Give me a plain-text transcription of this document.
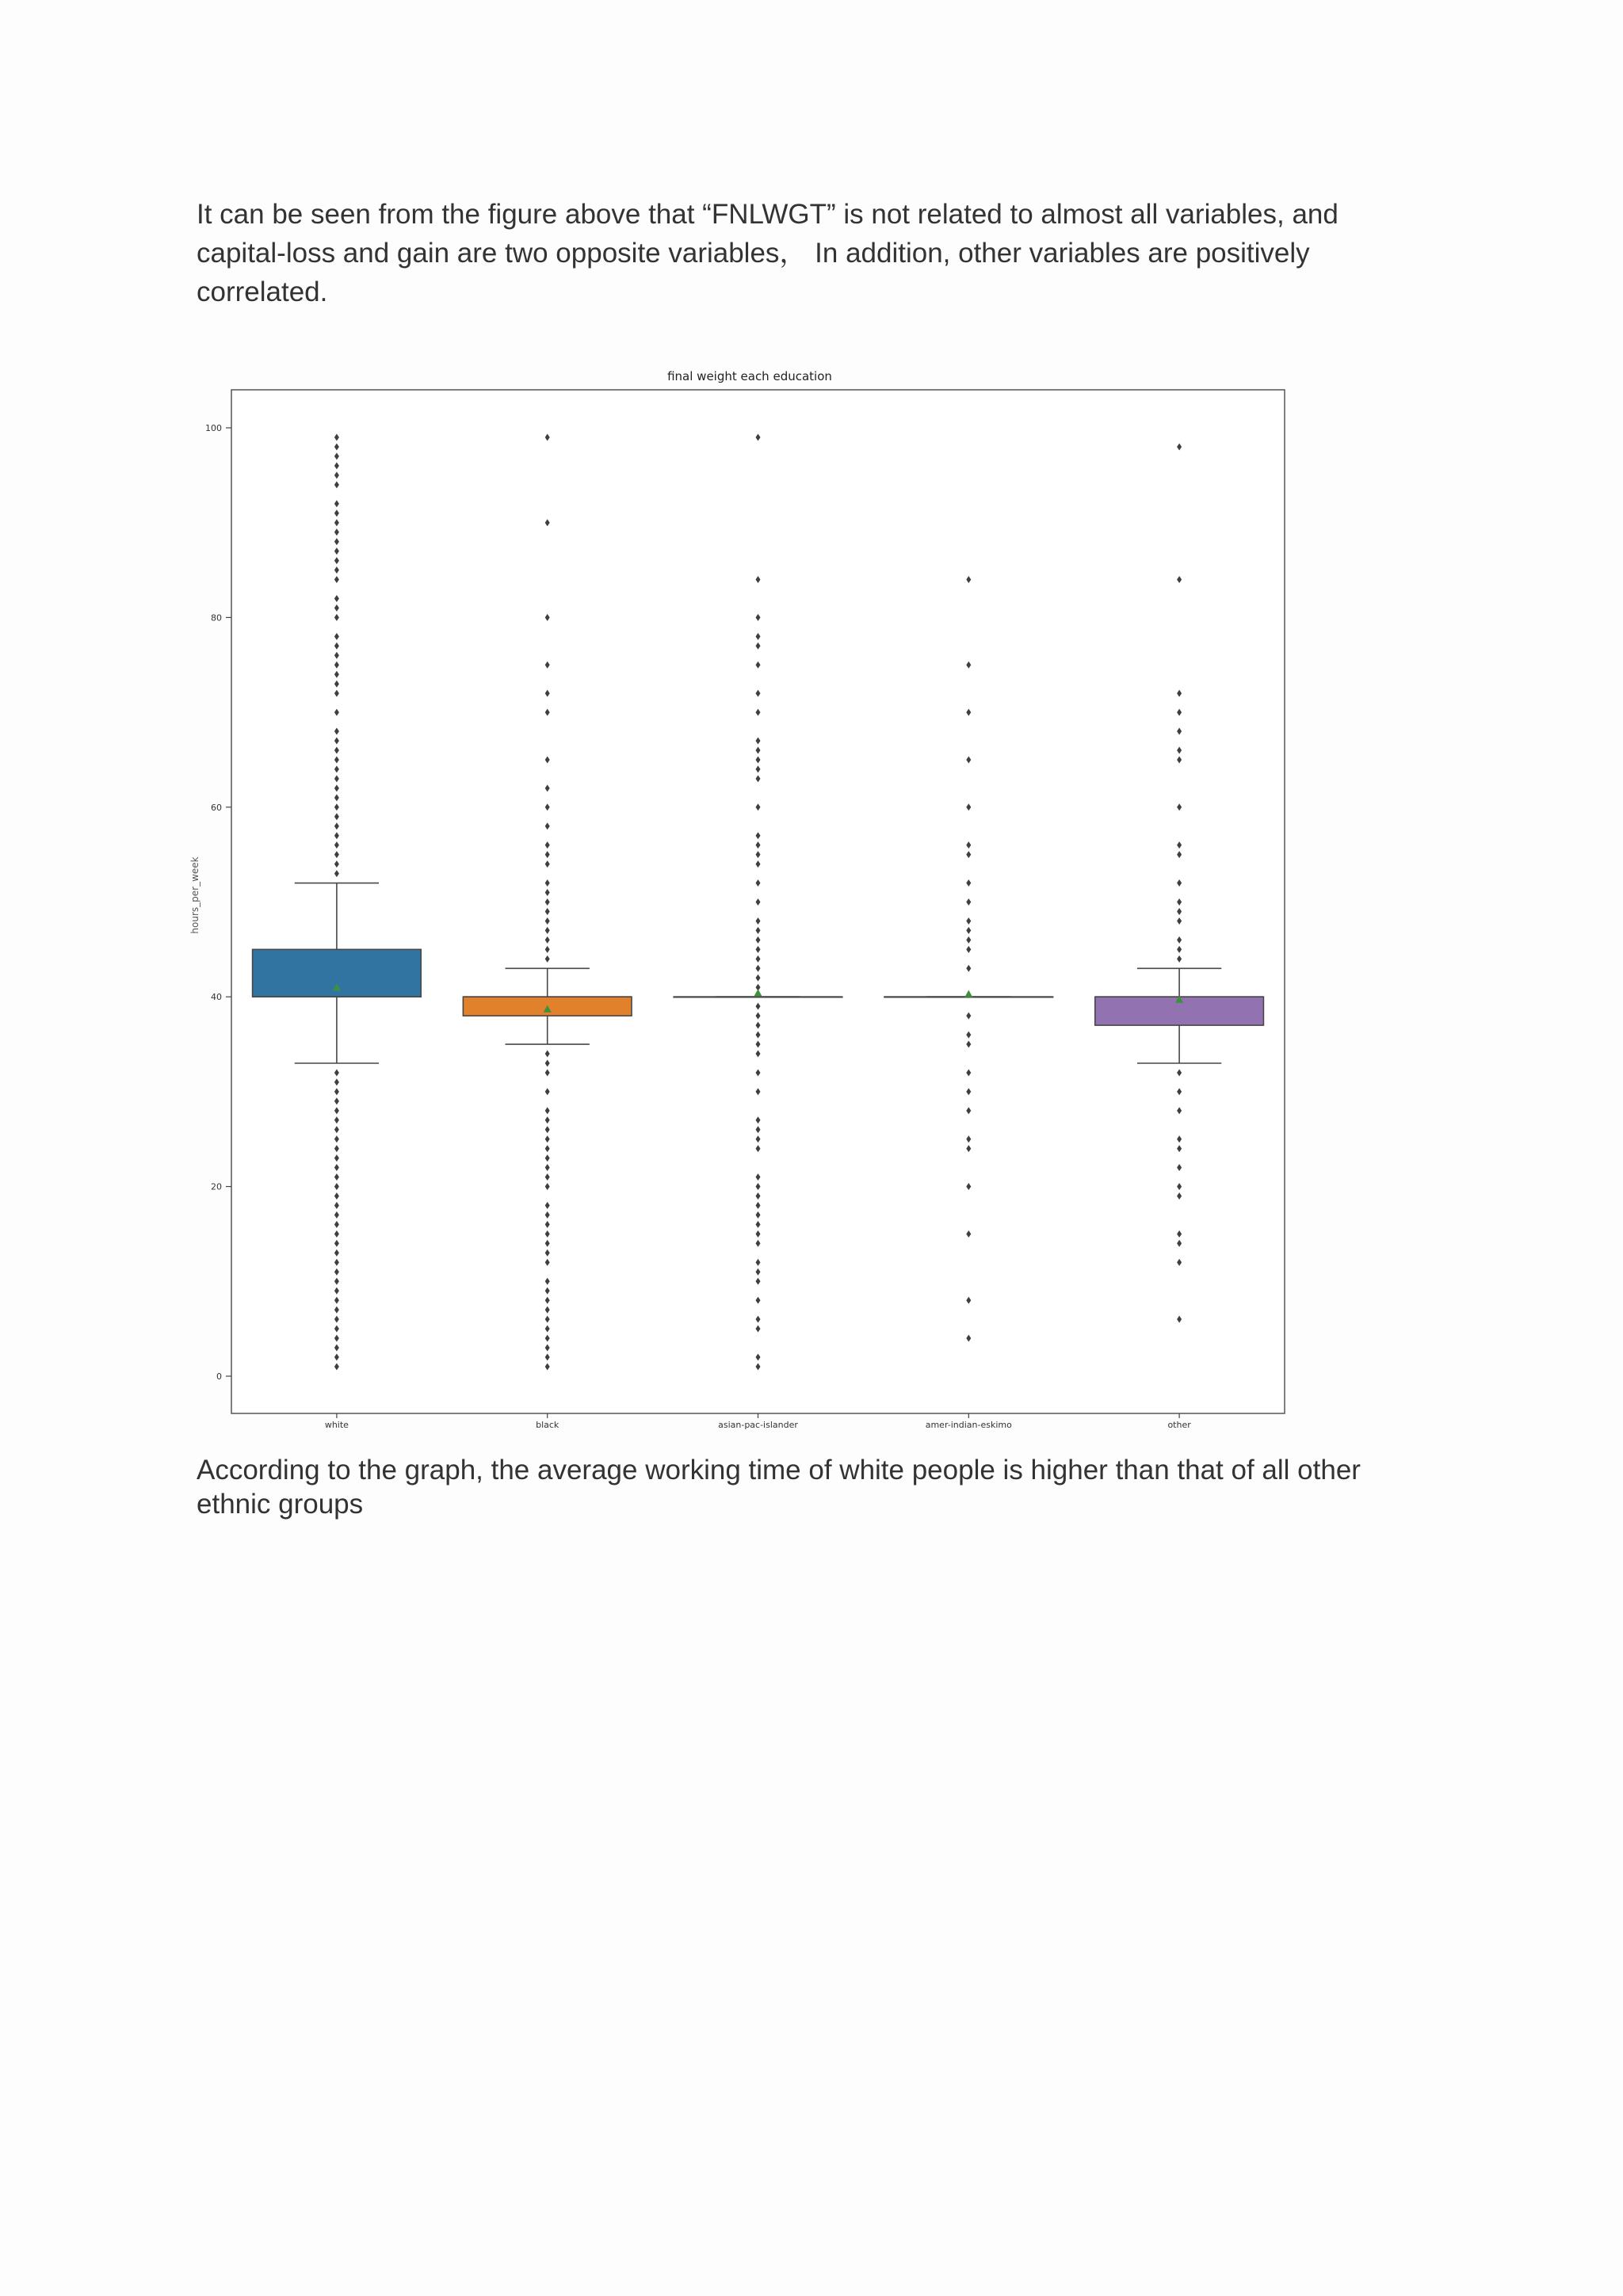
It can be seen from the figure above that “FNLWGT” is not related to almost all variables, and
capital-loss and gain are two opposite variables， In addition, other variables are positively
correlated.

0
20
40
60
80
100
white	black	asian-pac-islander	amer-indian-eskimo	other
final weight each education
hours_per_week

According to the graph, the average working time of white people is higher than that of all other
ethnic groups
